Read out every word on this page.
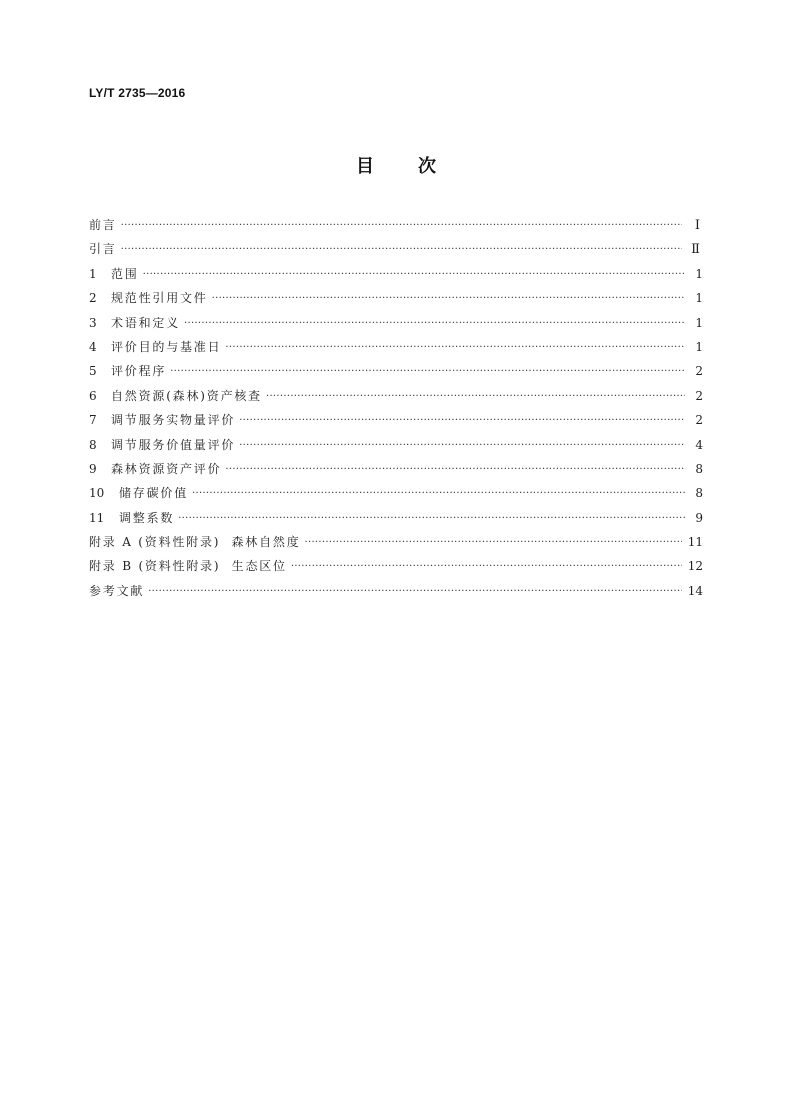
LY/T 2735—2016
目 次
前言 ·····	Ⅰ
引言 ·····	Ⅱ
1	范围 ·····	1
2	规范性引用文件 ·····	1
3	术语和定义 ·····	1
4	评价目的与基准日 ·····	1
5	评价程序 ·····	2
6	自然资源(森林)资产核查 ·····	2
7	调节服务实物量评价 ·····	2
8	调节服务价值量评价 ·····	4
9	森林资源资产评价 ·····	8
10	储存碳价值 ·····	8
11	调整系数 ·····	9
附录 A (资料性附录)  森林自然度 ·····	11
附录 B (资料性附录)  生态区位 ·····	12
参考文献 ·····	14
